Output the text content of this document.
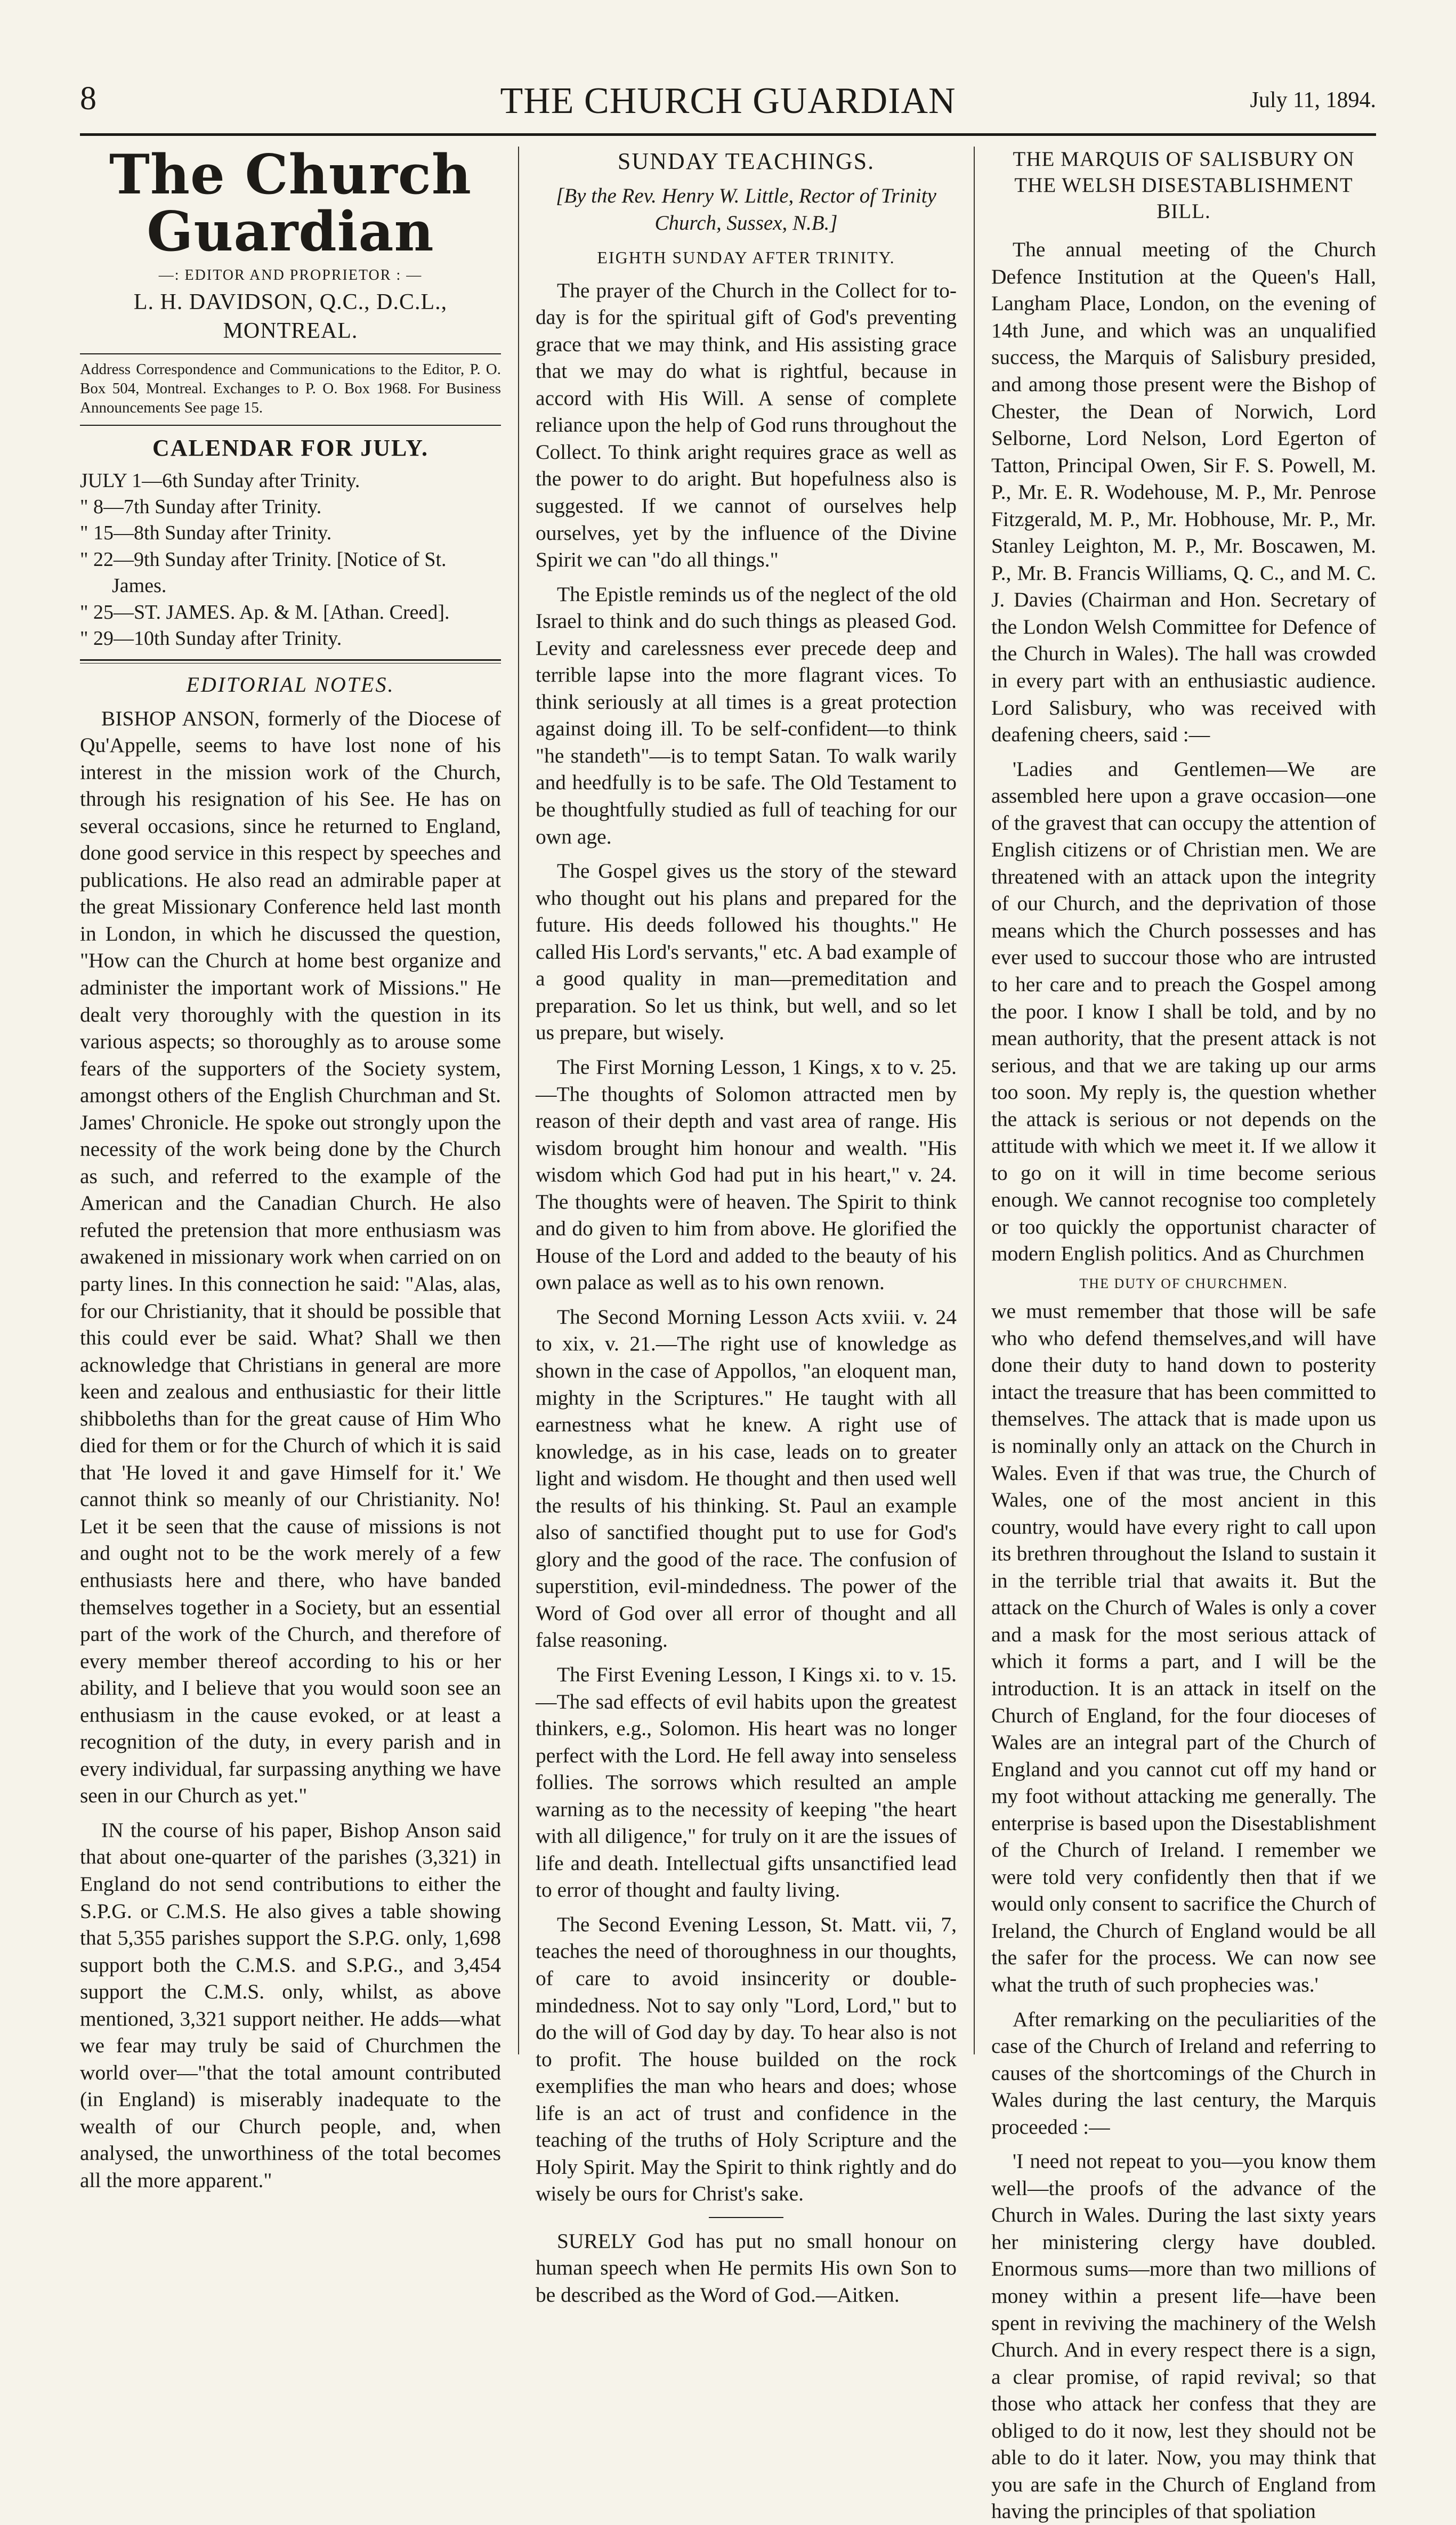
THE CHURCH GUARDIAN
8	July 11, 1894.
The Church Guardian
—: EDITOR AND PROPRIETOR : —
L. H. DAVIDSON, Q.C., D.C.L., MONTREAL.
Address Correspondence and Communications to the Editor, P. O. Box 504, Montreal. Exchanges to P. O. Box 1968. For Business Announcements See page 15.
CALENDAR FOR JULY.
JULY 1—6th Sunday after Trinity.
" 8—7th Sunday after Trinity.
" 15—8th Sunday after Trinity.
" 22—9th Sunday after Trinity. [Notice of St. James.
" 25—ST. JAMES. Ap. & M. [Athan. Creed].
" 29—10th Sunday after Trinity.
EDITORIAL NOTES.

BISHOP ANSON, formerly of the Diocese of Qu'Appelle, seems to have lost none of his interest in the mission work of the Church, through his resignation of his See. He has on several occasions, since he returned to England, done good service in this respect by speeches and publications. He also read an admirable paper at the great Missionary Conference held last month in London, in which he discussed the question, "How can the Church at home best organize and administer the important work of Missions." He dealt very thoroughly with the question in its various aspects; so thoroughly as to arouse some fears of the supporters of the Society system, amongst others of the English Churchman and St. James' Chronicle. He spoke out strongly upon the necessity of the work being done by the Church as such, and referred to the example of the American and the Canadian Church. He also refuted the pretension that more enthusiasm was awakened in missionary work when carried on on party lines. In this connection he said: "Alas, alas, for our Christianity, that it should be possible that this could ever be said. What? Shall we then acknowledge that Christians in general are more keen and zealous and enthusiastic for their little shibboleths than for the great cause of Him Who died for them or for the Church of which it is said that 'He loved it and gave Himself for it.' We cannot think so meanly of our Christianity. No! Let it be seen that the cause of missions is not and ought not to be the work merely of a few enthusiasts here and there, who have banded themselves together in a Society, but an essential part of the work of the Church, and therefore of every member thereof according to his or her ability, and I believe that you would soon see an enthusiasm in the cause evoked, or at least a recognition of the duty, in every parish and in every individual, far surpassing anything we have seen in our Church as yet."

IN the course of his paper, Bishop Anson said that about one-quarter of the parishes (3,321) in England do not send contributions to either the S.P.G. or C.M.S. He also gives a table showing that 5,355 parishes support the S.P.G. only, 1,698 support both the C.M.S. and S.P.G., and 3,454 support the C.M.S. only, whilst, as above mentioned, 3,321 support neither. He adds—what we fear may truly be said of Churchmen the world over—"that the total amount contributed (in England) is miserably inadequate to the wealth of our Church people, and, when analysed, the unworthiness of the total becomes all the more apparent."

SUNDAY TEACHINGS.
[By the Rev. Henry W. Little, Rector of Trinity Church, Sussex, N.B.]
EIGHTH SUNDAY AFTER TRINITY.

The prayer of the Church in the Collect for to-day is for the spiritual gift of God's preventing grace that we may think, and His assisting grace that we may do what is rightful, because in accord with His Will. A sense of complete reliance upon the help of God runs throughout the Collect. To think aright requires grace as well as the power to do aright. But hopefulness also is suggested. If we cannot of ourselves help ourselves, yet by the influence of the Divine Spirit we can "do all things."

The Epistle reminds us of the neglect of the old Israel to think and do such things as pleased God. Levity and carelessness ever precede deep and terrible lapse into the more flagrant vices. To think seriously at all times is a great protection against doing ill. To be self-confident—to think "he standeth"—is to tempt Satan. To walk warily and heedfully is to be safe. The Old Testament to be thoughtfully studied as full of teaching for our own age.

The Gospel gives us the story of the steward who thought out his plans and prepared for the future. His deeds followed his thoughts." He called His Lord's servants," etc. A bad example of a good quality in man—premeditation and preparation. So let us think, but well, and so let us prepare, but wisely.

The First Morning Lesson, 1 Kings, x to v. 25.—The thoughts of Solomon attracted men by reason of their depth and vast area of range. His wisdom brought him honour and wealth. "His wisdom which God had put in his heart," v. 24. The thoughts were of heaven. The Spirit to think and do given to him from above. He glorified the House of the Lord and added to the beauty of his own palace as well as to his own renown.

The Second Morning Lesson Acts xviii. v. 24 to xix, v. 21.—The right use of knowledge as shown in the case of Appollos, "an eloquent man, mighty in the Scriptures." He taught with all earnestness what he knew. A right use of knowledge, as in his case, leads on to greater light and wisdom. He thought and then used well the results of his thinking. St. Paul an example also of sanctified thought put to use for God's glory and the good of the race. The confusion of superstition, evil-mindedness. The power of the Word of God over all error of thought and all false reasoning.

The First Evening Lesson, I Kings xi. to v. 15.—The sad effects of evil habits upon the greatest thinkers, e.g., Solomon. His heart was no longer perfect with the Lord. He fell away into senseless follies. The sorrows which resulted an ample warning as to the necessity of keeping "the heart with all diligence," for truly on it are the issues of life and death. Intellectual gifts unsanctified lead to error of thought and faulty living.

The Second Evening Lesson, St. Matt. vii, 7, teaches the need of thoroughness in our thoughts, of care to avoid insincerity or double-mindedness. Not to say only "Lord, Lord," but to do the will of God day by day. To hear also is not to profit. The house builded on the rock exemplifies the man who hears and does; whose life is an act of trust and confidence in the teaching of the truths of Holy Scripture and the Holy Spirit. May the Spirit to think rightly and do wisely be ours for Christ's sake.

SURELY God has put no small honour on human speech when He permits His own Son to be described as the Word of God.—Aitken.

THE MARQUIS OF SALISBURY ON THE WELSH DISESTABLISHMENT BILL.

The annual meeting of the Church Defence Institution at the Queen's Hall, Langham Place, London, on the evening of 14th June, and which was an unqualified success, the Marquis of Salisbury presided, and among those present were the Bishop of Chester, the Dean of Norwich, Lord Selborne, Lord Nelson, Lord Egerton of Tatton, Principal Owen, Sir F. S. Powell, M. P., Mr. E. R. Wodehouse, M. P., Mr. Penrose Fitzgerald, M. P., Mr. Hobhouse, Mr. P., Mr. Stanley Leighton, M. P., Mr. Boscawen, M. P., Mr. B. Francis Williams, Q. C., and M. C. J. Davies (Chairman and Hon. Secretary of the London Welsh Committee for Defence of the Church in Wales). The hall was crowded in every part with an enthusiastic audience. Lord Salisbury, who was received with deafening cheers, said :—

'Ladies and Gentlemen—We are assembled here upon a grave occasion—one of the gravest that can occupy the attention of English citizens or of Christian men. We are threatened with an attack upon the integrity of our Church, and the deprivation of those means which the Church possesses and has ever used to succour those who are intrusted to her care and to preach the Gospel among the poor. I know I shall be told, and by no mean authority, that the present attack is not serious, and that we are taking up our arms too soon. My reply is, the question whether the attack is serious or not depends on the attitude with which we meet it. If we allow it to go on it will in time become serious enough. We cannot recognise too completely or too quickly the opportunist character of modern English politics. And as Churchmen

THE DUTY OF CHURCHMEN.

we must remember that those will be safe who who defend themselves,and will have done their duty to hand down to posterity intact the treasure that has been committed to themselves. The attack that is made upon us is nominally only an attack on the Church in Wales. Even if that was true, the Church of Wales, one of the most ancient in this country, would have every right to call upon its brethren throughout the Island to sustain it in the terrible trial that awaits it. But the attack on the Church of Wales is only a cover and a mask for the most serious attack of which it forms a part, and I will be the introduction. It is an attack in itself on the Church of England, for the four dioceses of Wales are an integral part of the Church of England and you cannot cut off my hand or my foot without attacking me generally. The enterprise is based upon the Disestablishment of the Church of Ireland. I remember we were told very confidently then that if we would only consent to sacrifice the Church of Ireland, the Church of England would be all the safer for the process. We can now see what the truth of such prophecies was.'

After remarking on the peculiarities of the case of the Church of Ireland and referring to causes of the shortcomings of the Church in Wales during the last century, the Marquis proceeded :—

'I need not repeat to you—you know them well—the proofs of the advance of the Church in Wales. During the last sixty years her ministering clergy have doubled. Enormous sums—more than two millions of money within a present life—have been spent in reviving the machinery of the Welsh Church. And in every respect there is a sign, a clear promise, of rapid revival; so that those who attack her confess that they are obliged to do it now, lest they should not be able to do it later. Now, you may think that you are safe in the Church of England from having the principles of that spoliation
